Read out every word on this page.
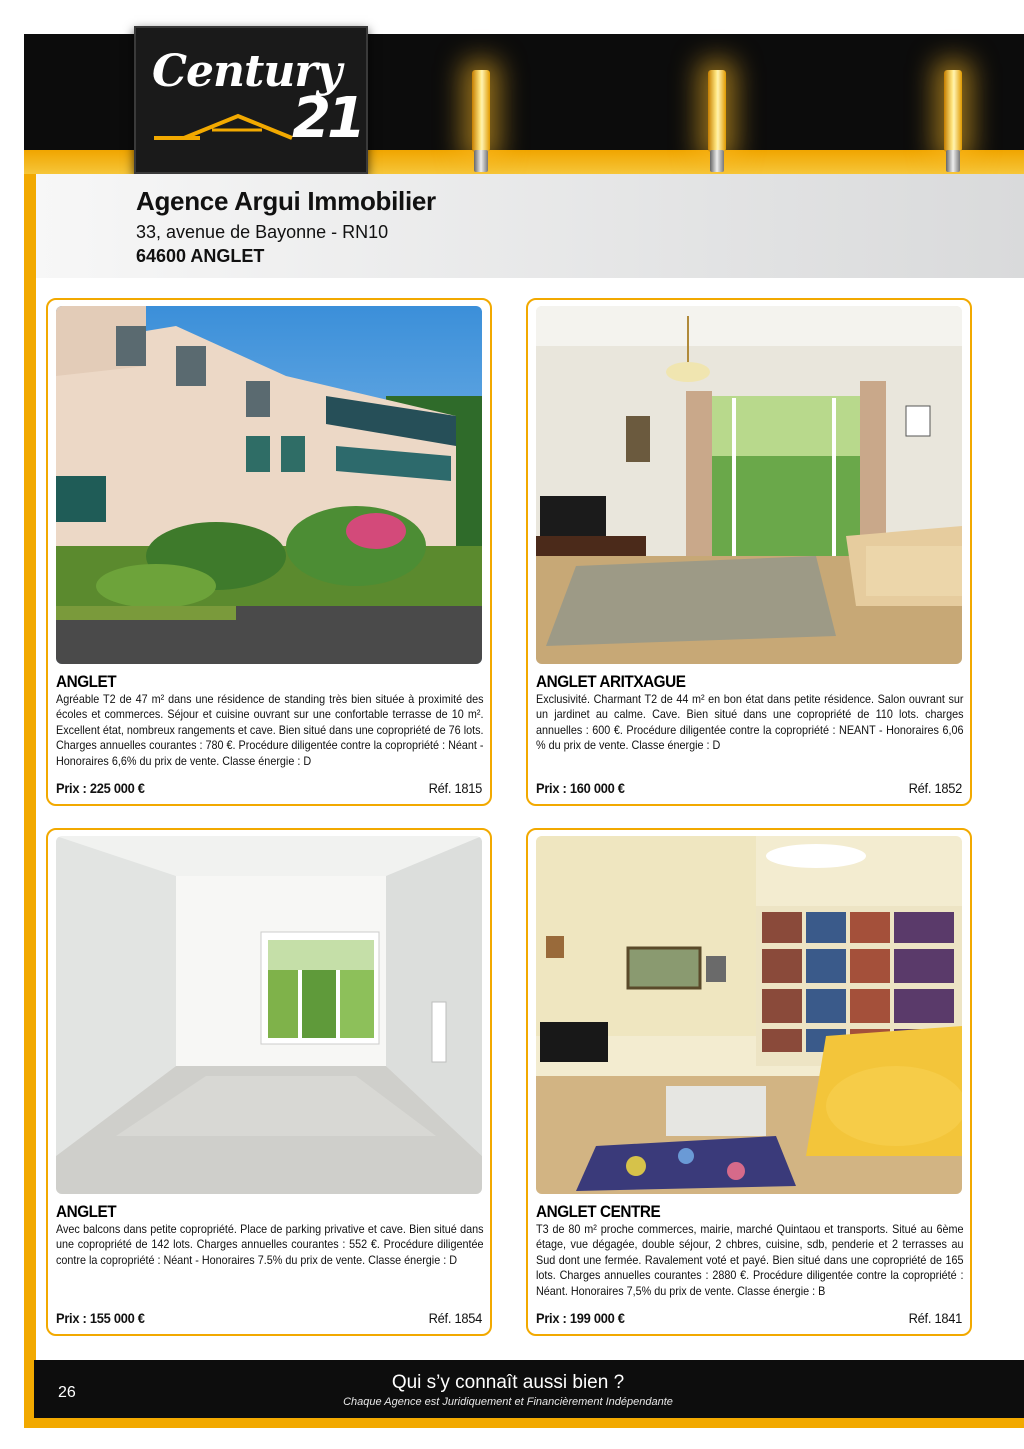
Century
21
Agence Argui Immobilier
33, avenue de Bayonne - RN10
64600 ANGLET
ANGLET
Agréable T2 de 47 m² dans une résidence de standing très bien située à proximité des écoles et commerces. Séjour et cuisine ouvrant sur une confortable terrasse de 10 m². Excellent état, nombreux rangements et cave. Bien situé dans une copropriété de 76 lots. Charges annuelles courantes : 780 €. Procédure diligentée contre la copropriété : Néant - Honoraires 6,6% du prix de vente. Classe énergie : D
Prix : 225 000 €	Réf. 1815
ANGLET ARITXAGUE
Exclusivité. Charmant T2 de 44 m² en bon état dans petite résidence. Salon ouvrant sur un jardinet au calme. Cave. Bien situé dans une copropriété de 110 lots. charges annuelles : 600 €. Procédure diligentée contre la copropriété : NEANT - Honoraires 6,06 % du prix de vente. Classe énergie : D
Prix : 160 000 €	Réf. 1852
ANGLET
Avec balcons dans petite copropriété. Place de parking privative et cave. Bien situé dans une copropriété de 142 lots. Charges annuelles courantes : 552 €. Procédure diligentée contre la copropriété : Néant - Honoraires 7.5% du prix de vente. Classe énergie : D
Prix : 155 000 €	Réf. 1854
ANGLET CENTRE
T3 de 80 m² proche commerces, mairie, marché Quintaou et transports. Situé au 6ème étage, vue dégagée, double séjour, 2 chbres, cuisine, sdb, penderie et 2 terrasses au Sud dont une fermée. Ravalement voté et payé. Bien situé dans une copropriété de 165 lots. Charges annuelles courantes : 2880 €. Procédure diligentée contre la copropriété : Néant. Honoraires 7,5% du prix de vente. Classe énergie : B
Prix : 199 000 €	Réf. 1841
26	Qui s’y connaît aussi bien ?
Chaque Agence est Juridiquement et Financièrement Indépendante
